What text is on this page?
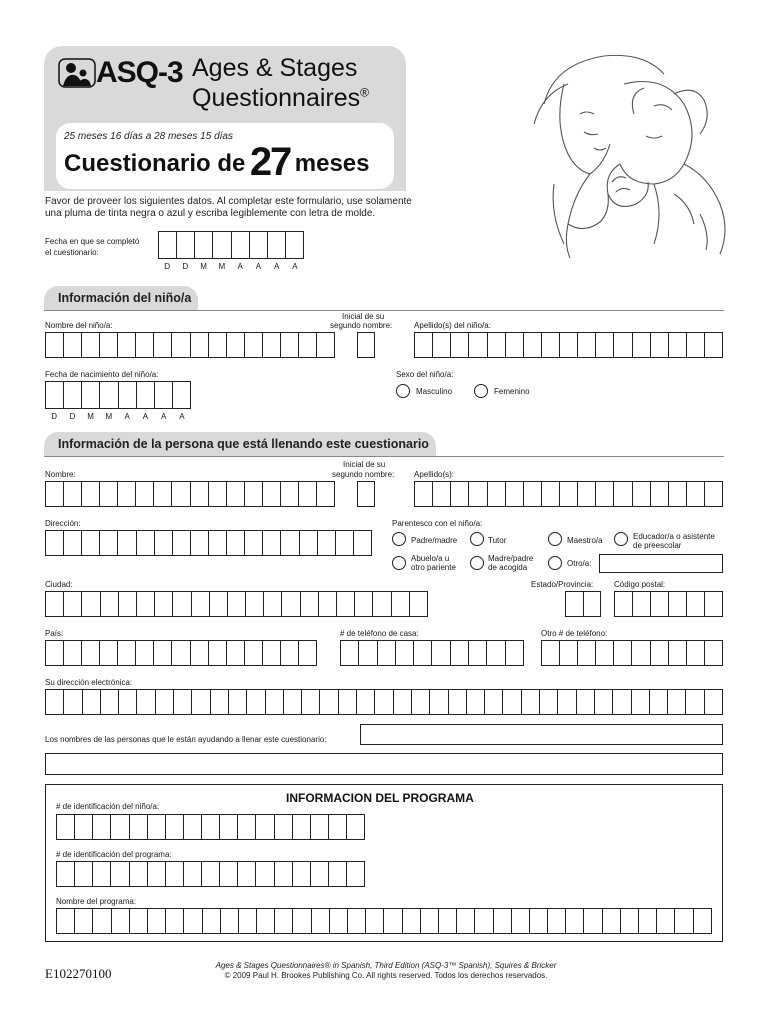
ASQ-3 Ages & Stages
Questionnaires®
25 meses 16 días a 28 meses 15 días
Cuestionario de 27 meses
Favor de proveer los siguientes datos. Al completar este formulario, use solamente
una pluma de tinta negra o azul y escriba legiblemente con letra de molde.
Fecha en que se completó
el cuestionario:
D	D	M	M	A	A	A	A
Información del niño/a
Nombre del niño/a:
Inicial de su
segundo nombre:	Apellido(s) del niño/a:
Fecha de nacimiento del niño/a:
D	D	M	M	A	A	A	A
Sexo del niño/a:
Masculino	Femenino
Información de la persona que está llenando este cuestionario
Nombre:
Inicial de su
segundo nombre: Apellido(s):
Dirección:	Parentesco con el niño/a:
Padre/madre	Tutor	Maestro/a	Educador/a o asistente
de preescolar
Abuelo/a u
otro pariente
Madre/padre
de acogida	Otro/a:
Ciudad:	Estado/Provincia:	Código postal:
País:	# de teléfono de casa:	Otro # de teléfono:
Su dirección electrónica:
Los nombres de las personas que le están ayudando a llenar este cuestionario:
INFORMACION DEL PROGRAMA
# de identificación del niño/a:
# de identificación del programa:
Nombre del programa:
E102270100
Ages & Stages Questionnaires® in Spanish, Third Edition (ASQ-3™ Spanish), Squires & Bricker
© 2009 Paul H. Brookes Publishing Co. All rights reserved. Todos los derechos reservados.
